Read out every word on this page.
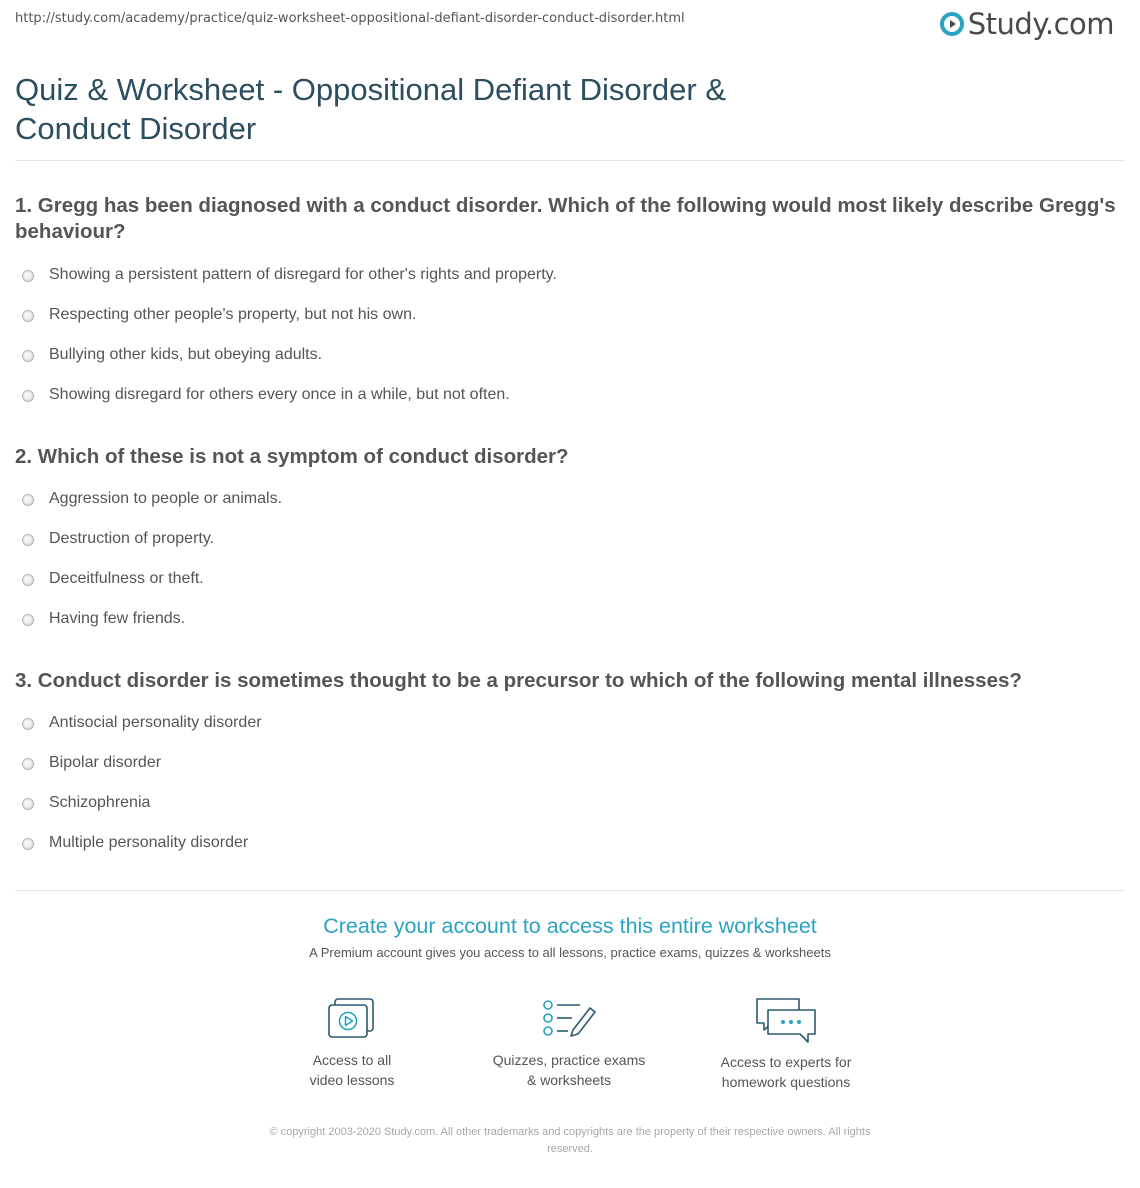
http://study.com/academy/practice/quiz-worksheet-oppositional-defiant-disorder-conduct-disorder.html	Study.com
Quiz & Worksheet - Oppositional Defiant Disorder &
Conduct Disorder
1. Gregg has been diagnosed with a conduct disorder. Which of the following would most likely describe Gregg's
behaviour?
Showing a persistent pattern of disregard for other's rights and property.
Respecting other people's property, but not his own.
Bullying other kids, but obeying adults.
Showing disregard for others every once in a while, but not often.
2. Which of these is not a symptom of conduct disorder?
Aggression to people or animals.
Destruction of property.
Deceitfulness or theft.
Having few friends.
3. Conduct disorder is sometimes thought to be a precursor to which of the following mental illnesses?
Antisocial personality disorder
Bipolar disorder
Schizophrenia
Multiple personality disorder
Create your account to access this entire worksheet
A Premium account gives you access to all lessons, practice exams, quizzes & worksheets
Access to all
video lessons
Quizzes, practice exams
& worksheets
Access to experts for
homework questions
© copyright 2003-2020 Study.com. All other trademarks and copyrights are the property of their respective owners. All rights
reserved.
